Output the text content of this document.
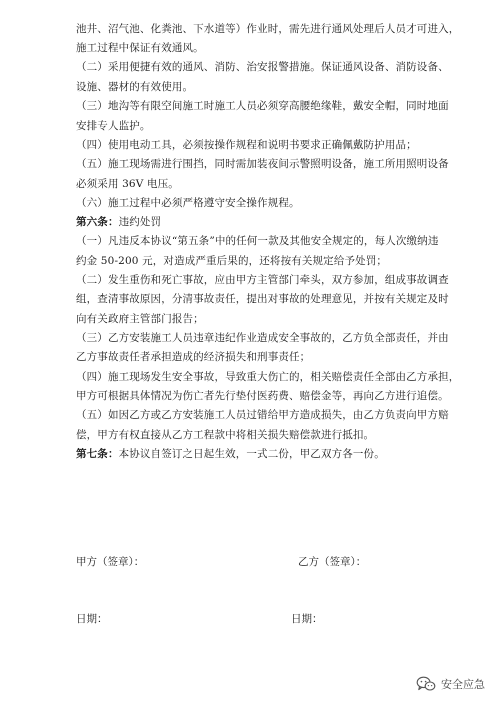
池井、沼气池、化粪池、下水道等）作业时，需先进行通风处理后人员才可进入，
施工过程中保证有效通风。
（二）采用便捷有效的通风、消防、治安报警措施。保证通风设备、消防设备、
设施、器材的有效使用。
（三）地沟等有限空间施工时施工人员必须穿高腰绝缘鞋，戴安全帽，同时地面
安排专人监护。
（四）使用电动工具，必须按操作规程和说明书要求正确佩戴防护用品；
（五）施工现场需进行围挡，同时需加装夜间示警照明设备，施工所用照明设备
必须采用 36V 电压。
（六）施工过程中必须严格遵守安全操作规程。
第六条：违约处罚
（一）凡违反本协议“第五条”中的任何一款及其他安全规定的，每人次缴纳违
约金 50-200 元，对造成严重后果的，还将按有关规定给予处罚；
（二）发生重伤和死亡事故，应由甲方主管部门牵头，双方参加，组成事故调查
组，查清事故原因，分清事故责任，提出对事故的处理意见，并按有关规定及时
向有关政府主管部门报告；
（三）乙方安装施工人员违章违纪作业造成安全事故的，乙方负全部责任，并由
乙方事故责任者承担造成的经济损失和刑事责任；
（四）施工现场发生安全事故，导致重大伤亡的，相关赔偿责任全部由乙方承担，
甲方可根据具体情况为伤亡者先行垫付医药费、赔偿金等，再向乙方进行追偿。
（五）如因乙方或乙方安装施工人员过错给甲方造成损失，由乙方负责向甲方赔
偿，甲方有权直接从乙方工程款中将相关损失赔偿款进行抵扣。
第七条：本协议自签订之日起生效，一式二份，甲乙双方各一份。
甲方（签章）：	乙方（签章）：
日期：	日期：
安全应急
